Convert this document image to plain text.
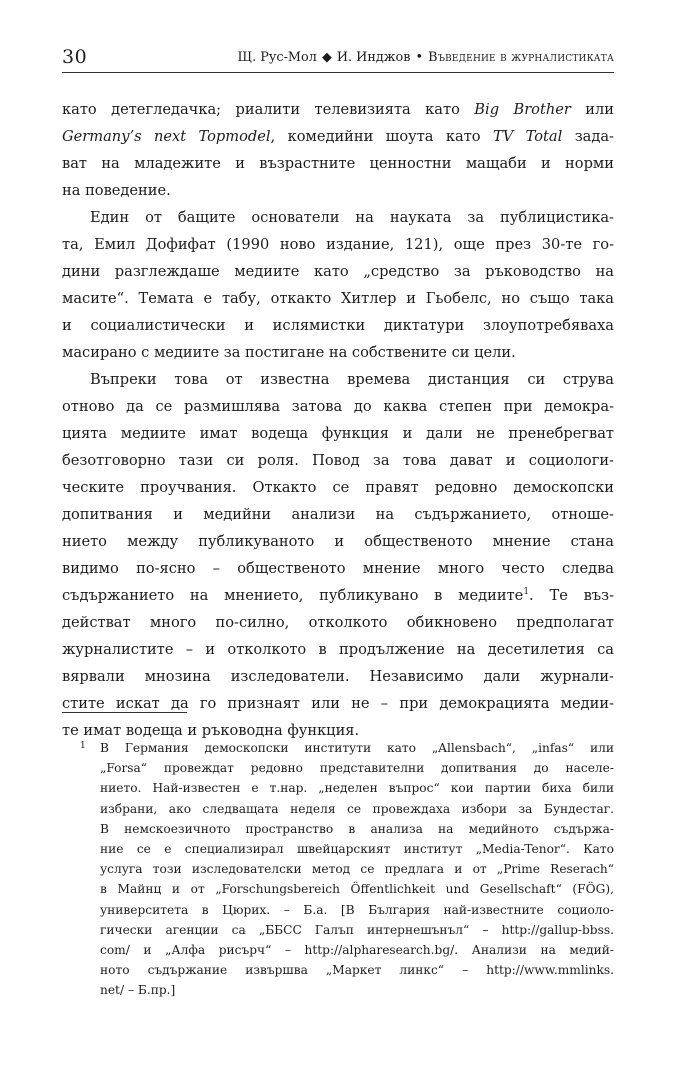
30	Щ. Рус-Мол ◆ И. Инджов • Въведение в журналистиката
като детегледачка; риалити телевизията като Big Brother или
Germany’s next Topmodel, комедийни шоута като TV Total зада-
ват на младежите и възрастните ценностни мащаби и норми
на поведение.
Един от бащите основатели на науката за публицистика-
та, Емил Дофифат (1990 ново издание, 121), още през 30-те го-
дини разглеждаше медиите като „средство за ръководство на
масите“. Темата е табу, откакто Хитлер и Гьобелс, но също така
и социалистически и ислямистки диктатури злоупотребяваха
масирано с медиите за постигане на собствените си цели.
Въпреки това от известна времева дистанция си струва
отново да се размишлява затова до каква степен при демокра-
цията медиите имат водеща функция и дали не пренебрегват
безотговорно тази си роля. Повод за това дават и социологи-
ческите проучвания. Откакто се правят редовно демоскопски
допитвания и медийни анализи на съдържанието, отноше-
нието между публикуваното и общественото мнение стана
видимо по-ясно – общественото мнение много често следва
съдържанието на мнението, публикувано в медиите$^1$. Те въз-
действат много по-силно, отколкото обикновено предполагат
журналистите – и отколкото в продължение на десетилетия са
вярвали мнозина изследователи. Независимо дали журнали-
стите искат да го признаят или не – при демокрацията медии-
те имат водеща и ръководна функция.
1 В Германия демоскопски институти като „Allensbach“, „infas“ или
„Forsa“ провеждат редовно представителни допитвания до населе-
нието. Най-известен е т.нар. „неделен въпрос“ кои партии биха били
избрани, ако следващата неделя се провеждаха избори за Бундестаг.
В немскоезичното пространство в анализа на медийното съдържа-
ние се е специализирал швейцарският институт „Media-Tenor“. Като
услуга този изследователски метод се предлага и от „Prime Reserach“
в Майнц и от „Forschungsbereich Öffentlichkeit und Gesellschaft“ (FÖG),
университета в Цюрих. – Б.а. [В България най-известните социоло-
гически агенции са „ББСС Галъп интернешънъл“ – http://gallup-bbss.
com/ и „Алфа рисърч“ – http://alpharesearch.bg/. Анализи на медий-
ното съдържание извършва „Маркет линкс“ – http://www.mmlinks.
net/ – Б.пр.]
